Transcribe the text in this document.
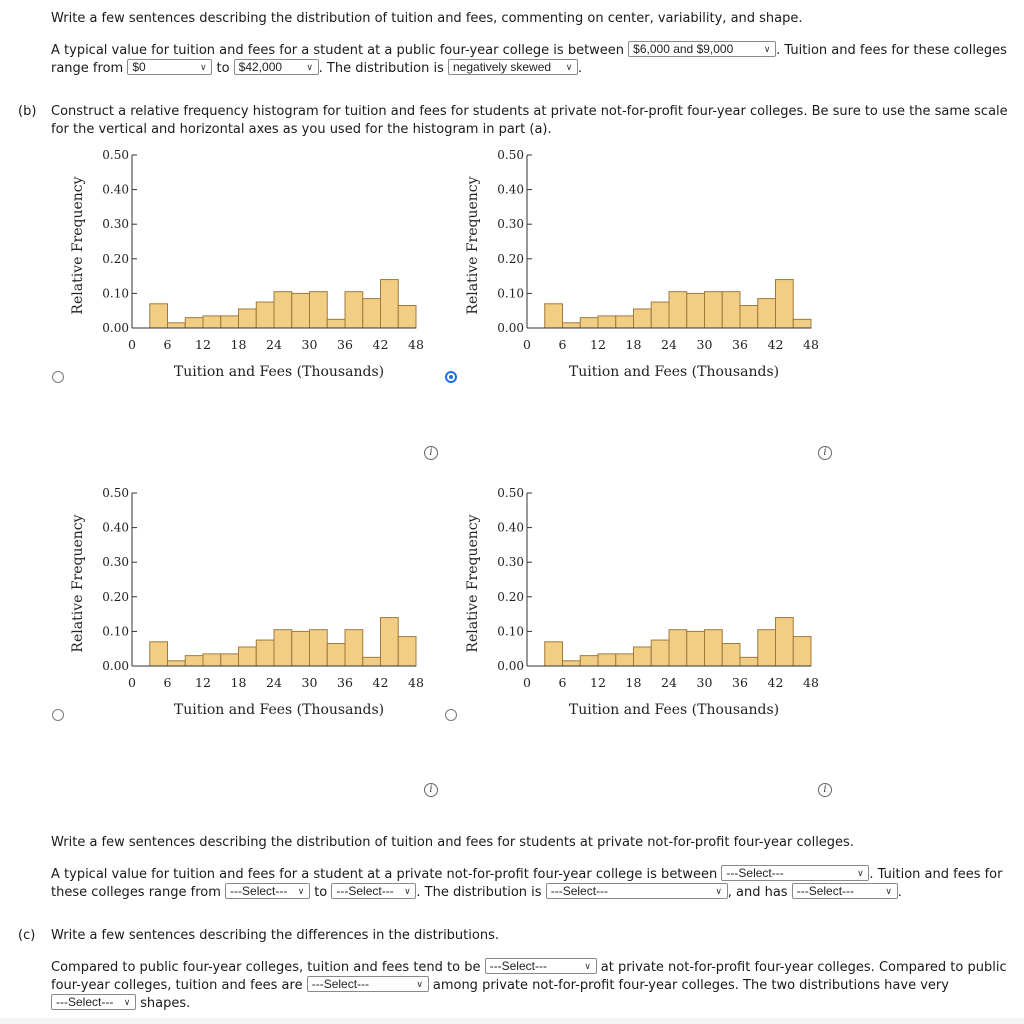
Write a few sentences describing the distribution of tuition and fees, commenting on center, variability, and shape.
A typical value for tuition and fees for a student at a public four-year college is between $6,000 and $9,000	∨ . Tuition and fees for these colleges
range from $0	∨ to $42,000	∨ . The distribution is negatively skewed	∨ .
(b) Construct a relative frequency histogram for tuition and fees for students at private not-for-profit four-year colleges. Be sure to use the same scale
for the vertical and horizontal axes as you used for the histogram in part (a).
0.00
0.10
0.20
0.30
0.40
0.50
0 6 12 18 24 30 36 42 48
Tuition and Fees (Thousands)
Relative Frequency
0.00
0.10
0.20
0.30
0.40
0.50
0 6 12 18 24 30 36 42 48
Tuition and Fees (Thousands)
Relative Frequency
0.00
0.10
0.20
0.30
0.40
0.50
0 6 12 18 24 30 36 42 48
Tuition and Fees (Thousands)
Relative Frequency
0.00
0.10
0.20
0.30
0.40
0.50
0 6 12 18 24 30 36 42 48
Tuition and Fees (Thousands)
Relative Frequency
i	i
i	i
Write a few sentences describing the distribution of tuition and fees for students at private not-for-profit four-year colleges.
A typical value for tuition and fees for a student at a private not-for-profit four-year college is between ---Select---	∨ . Tuition and fees for
these colleges range from ---Select---	∨ to ---Select---	∨ . The distribution is ---Select---	∨ , and has ---Select---	∨ .
(c) Write a few sentences describing the differences in the distributions.
Compared to public four-year colleges, tuition and fees tend to be ---Select---	∨ at private not-for-profit four-year colleges. Compared to public
four-year colleges, tuition and fees are ---Select---	∨ among private not-for-profit four-year colleges. The two distributions have very
---Select---	∨ shapes.
